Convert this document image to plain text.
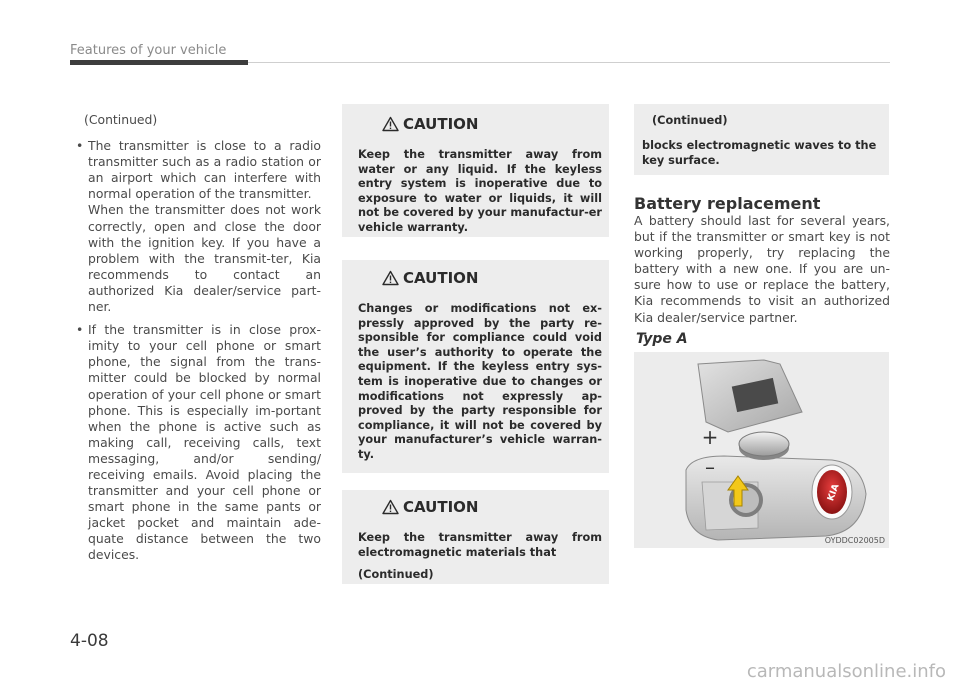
Features of your vehicle
(Continued)
• The transmitter is close to a radio transmitter such as a radio station or an airport which can interfere with normal operation of the transmitter.

When the transmitter does not work correctly, open and close the door with the ignition key. If you have a problem with the transmit-ter, Kia recommends to contact an authorized Kia dealer/service part-ner.

• If the transmitter is in close prox-imity to your cell phone or smart phone, the signal from the trans-mitter could be blocked by normal operation of your cell phone or smart phone. This is especially im-portant when the phone is active such as making call, receiving calls, text messaging, and/or sending/ receiving emails. Avoid placing the transmitter and your cell phone or smart phone in the same pants or jacket pocket and maintain ade-quate distance between the two devices.

CAUTION
Keep the transmitter away from water or any liquid. If the keyless entry system is inoperative due to exposure to water or liquids, it will not be covered by your manufactur-er vehicle warranty.
CAUTION
Changes or modifications not ex-pressly approved by the party re-sponsible for compliance could void the user’s authority to operate the equipment. If the keyless entry sys-tem is inoperative due to changes or modifications not expressly ap-proved by the party responsible for compliance, it will not be covered by your manufacturer’s vehicle warran-ty.
CAUTION
Keep the transmitter away from electromagnetic materials that
(Continued)
(Continued)
blocks electromagnetic waves to the key surface.
Battery replacement

A battery should last for several years, but if the transmitter or smart key is not working properly, try replacing the battery with a new one. If you are un-sure how to use or replace the battery, Kia recommends to visit an authorized Kia dealer/service partner.

Type A
KIA
+
–
OYDDC02005D
4-08
carmanualsonline.info
